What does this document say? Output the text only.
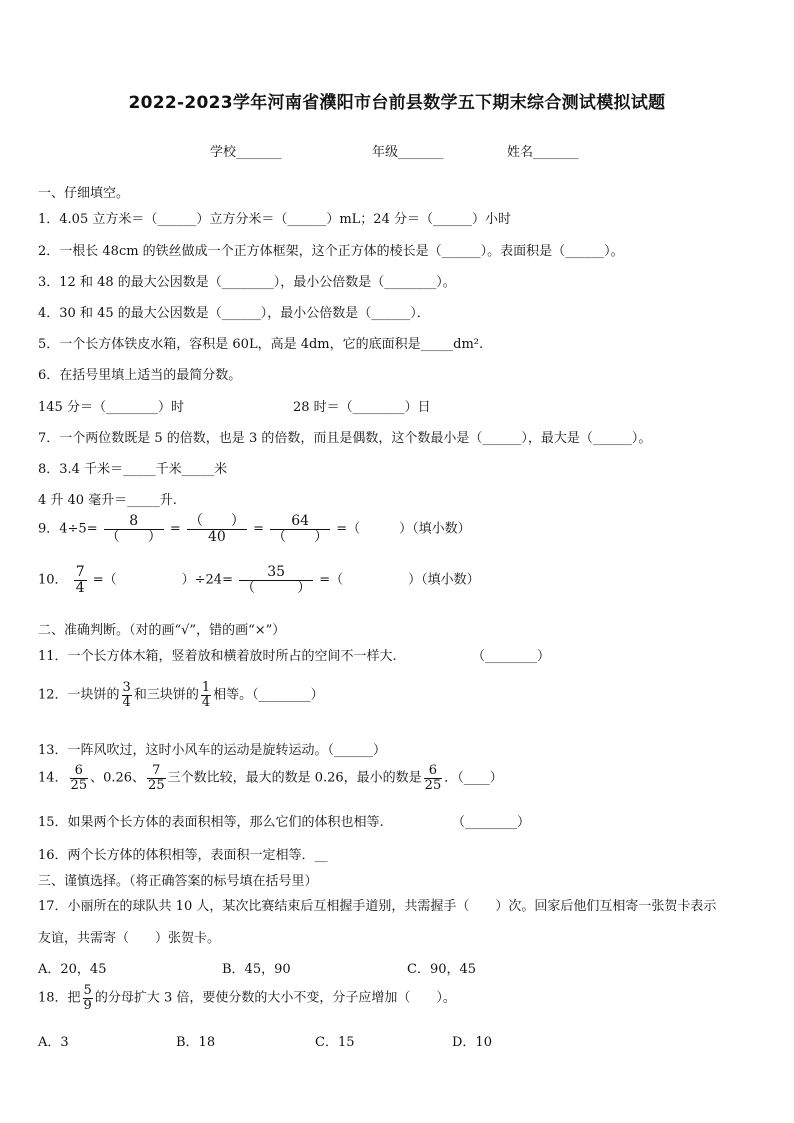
2022-2023学年河南省濮阳市台前县数学五下期末综合测试模拟试题
学校_______	年级_______	姓名_______
一、仔细填空。
1．4.05 立方米＝（______）立方分米＝（______）mL；24 分＝（______）小时
2．一根长 48cm 的铁丝做成一个正方体框架，这个正方体的棱长是（______）。表面积是（______）。
3．12 和 48 的最大公因数是（________），最小公倍数是（________）。
4．30 和 45 的最大公因数是（______），最小公倍数是（______）．
5．一个长方体铁皮水箱，容积是 60L，高是 4dm，它的底面积是_____dm².
6．在括号里填上适当的最简分数。
145 分＝（________）时	28 时＝（________）日
7．一个两位数既是 5 的倍数，也是 3 的倍数，而且是偶数，这个数最小是（______），最大是（______）。
8．3.4 千米＝_____千米_____米
4 升 40 毫升＝_____升.
9．$4\div 5= \frac{8}{( )} = \frac{( )}{40} = \frac{64}{( )}$ =（　　　）（填小数）
10． $\frac{7}{4}$ =（　　　　　）$\div 24= \frac{35}{( )}$ =（　　　　　）（填小数）
二、准确判断。（对的画“√”，错的画“×”）
11．一个长方体木箱，竖着放和横着放时所占的空间不一样大.	（________）
12．一块饼的 $\frac{3}{4}$ 和三块饼的 $\frac{1}{4}$ 相等。（________）
13．一阵风吹过，这时小风车的运动是旋转运动。（______）
14． $\frac{6}{25}$ 、0.26、 $\frac{7}{25}$ 三个数比较，最大的数是 0.26，最小的数是 $\frac{6}{25}$ ．（____）
15．如果两个长方体的表面积相等，那么它们的体积也相等.	（________）
16．两个长方体的体积相等，表面积一定相等．__
三、谨慎选择。（将正确答案的标号填在括号里）
17．小丽所在的球队共 10 人，某次比赛结束后互相握手道别，共需握手（　　）次。回家后他们互相寄一张贺卡表示
友谊，共需寄（　　）张贺卡。
A．20，45	B．45，90	C．90，45
18．把 $\frac{5}{9}$ 的分母扩大 3 倍，要使分数的大小不变，分子应增加（　　）。
A．3	B．18	C．15	D．10
